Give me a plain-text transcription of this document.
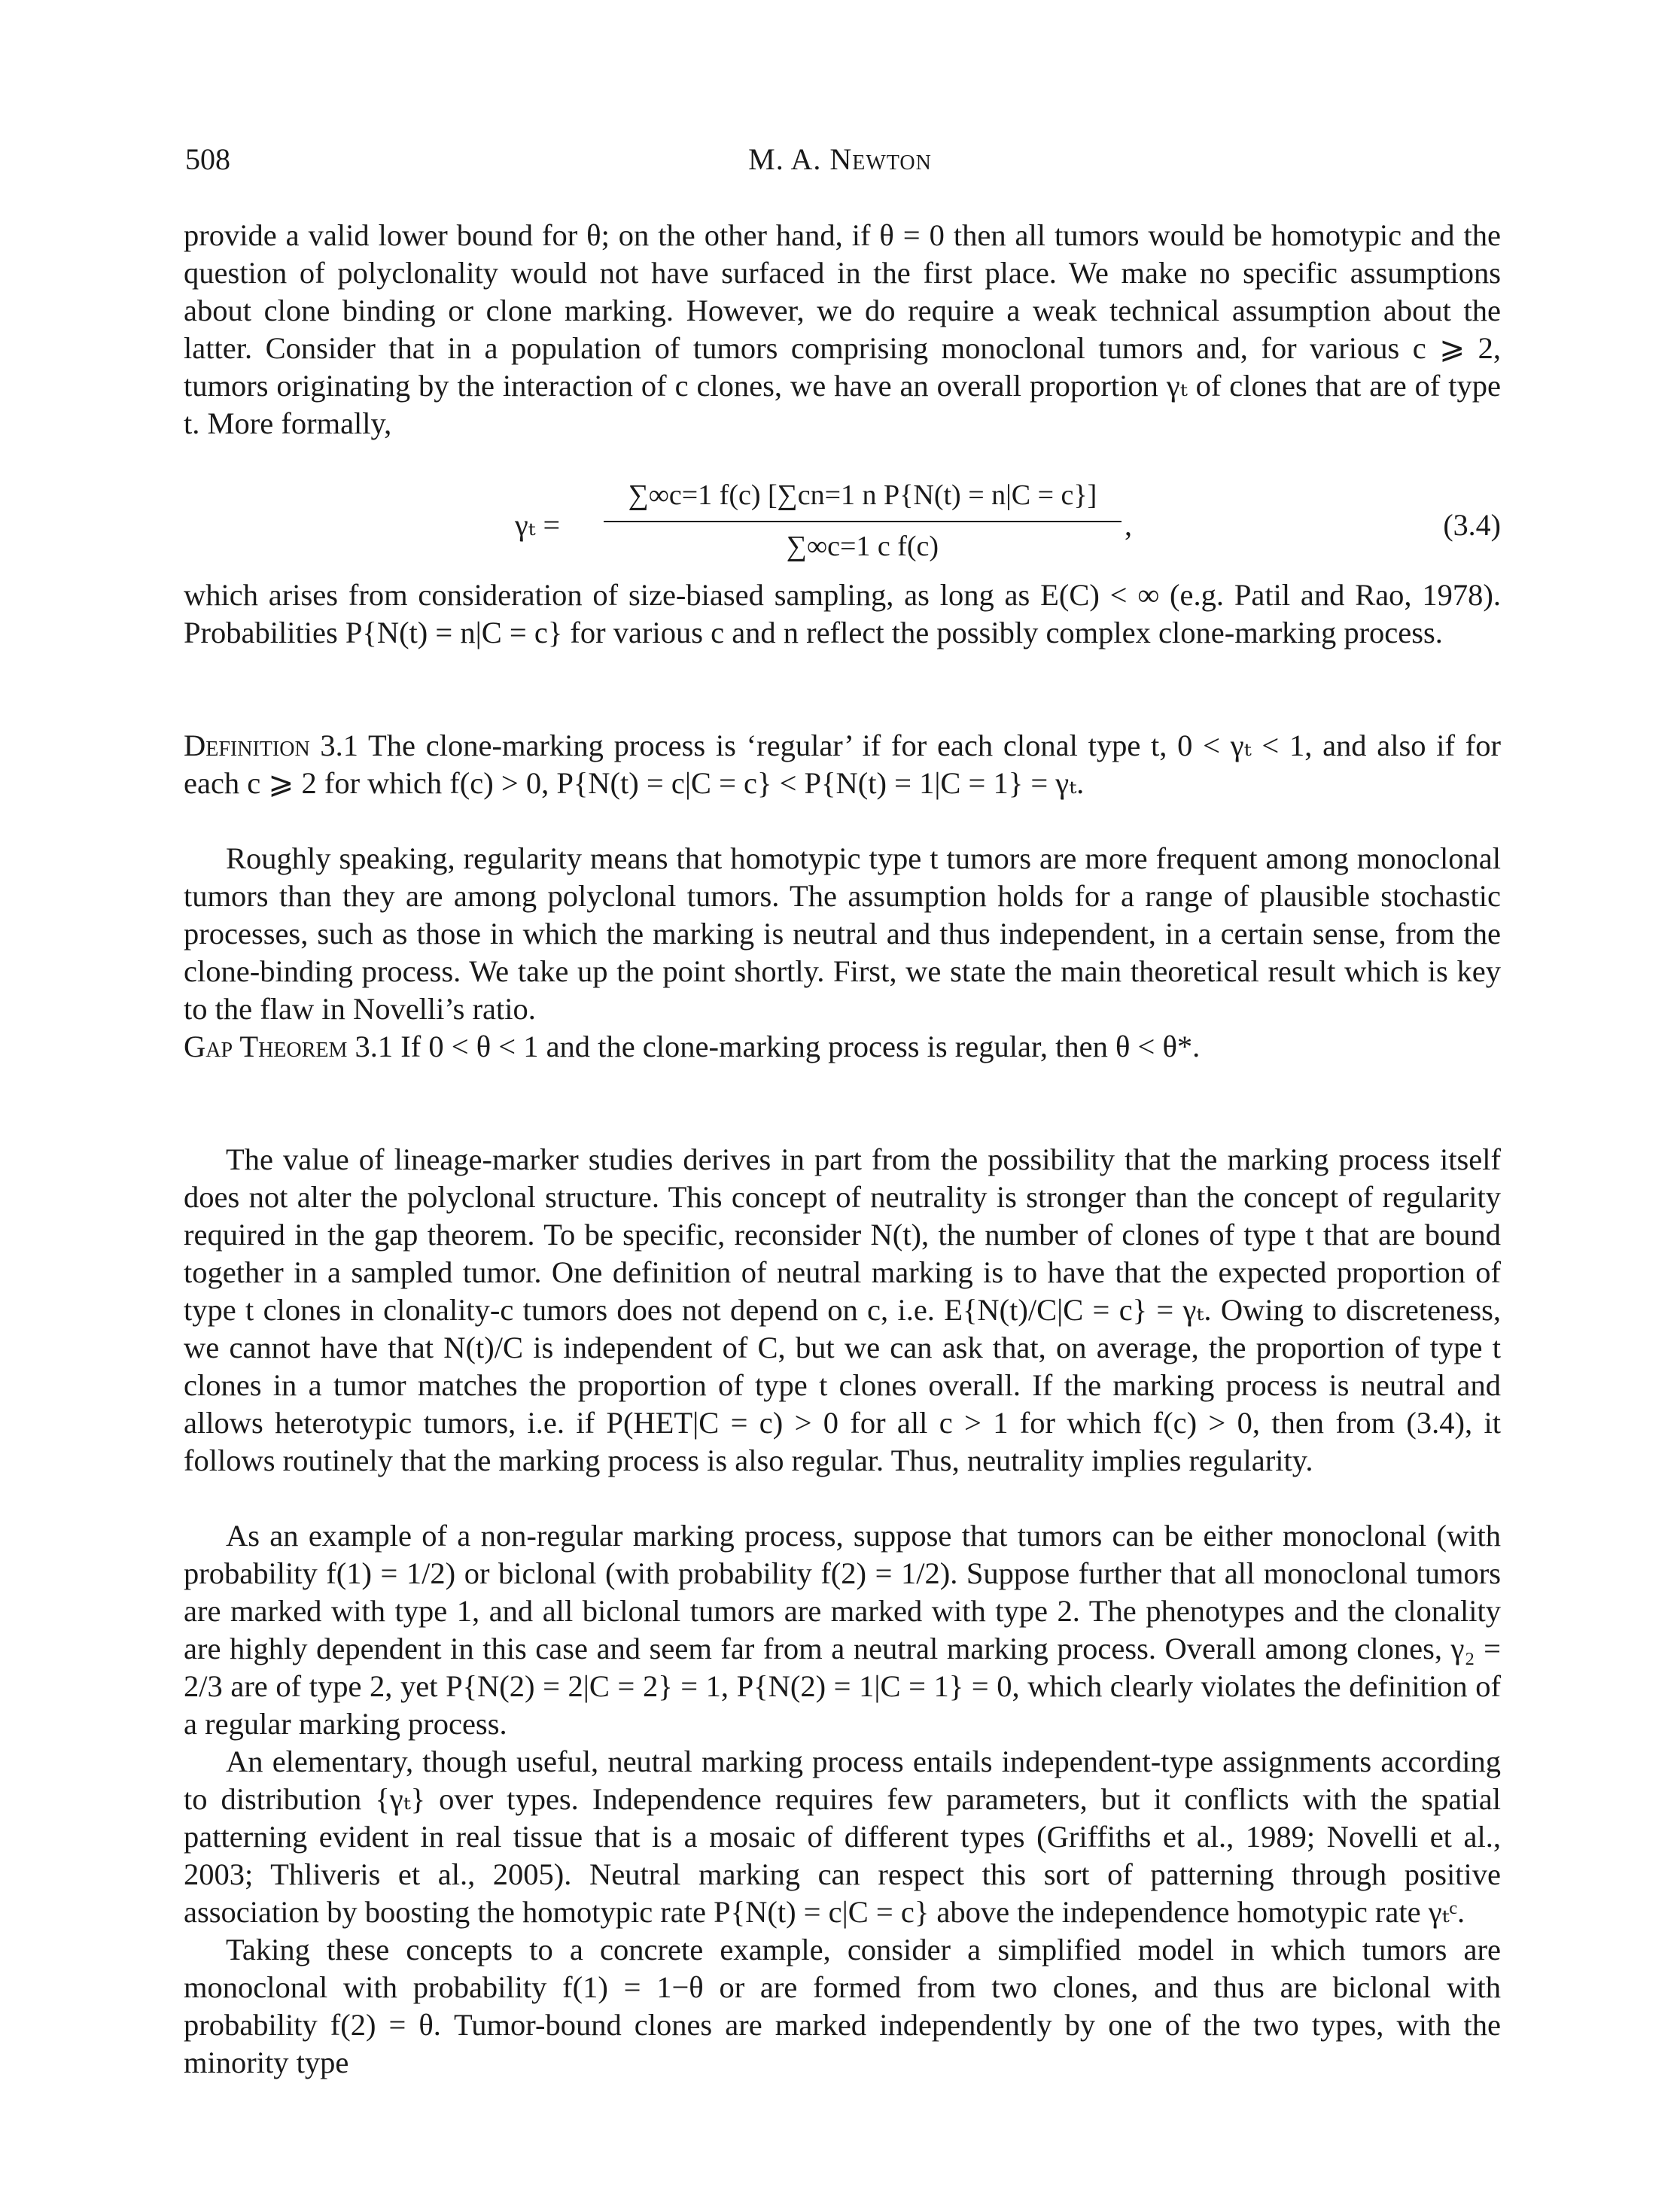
508	M. A. Newton

provide a valid lower bound for θ; on the other hand, if θ = 0 then all tumors would be homotypic and the question of polyclonality would not have surfaced in the first place. We make no specific assumptions about clone binding or clone marking. However, we do require a weak technical assumption about the latter. Consider that in a population of tumors comprising monoclonal tumors and, for various c ⩾ 2, tumors originating by the interaction of c clones, we have an overall proportion γₜ of clones that are of type t. More formally,

γₜ =
∑∞c=1 f(c) [∑cn=1 n P{N(t) = n|C = c}]
∑∞c=1 c f(c)
,	(3.4)

which arises from consideration of size-biased sampling, as long as E(C) < ∞ (e.g. Patil and Rao, 1978). Probabilities P{N(t) = n|C = c} for various c and n reflect the possibly complex clone-marking process.

Definition 3.1 The clone-marking process is ‘regular’ if for each clonal type t, 0 < γₜ < 1, and also if for each c ⩾ 2 for which f(c) > 0, P{N(t) = c|C = c} < P{N(t) = 1|C = 1} = γₜ.

Roughly speaking, regularity means that homotypic type t tumors are more frequent among monoclonal tumors than they are among polyclonal tumors. The assumption holds for a range of plausible stochastic processes, such as those in which the marking is neutral and thus independent, in a certain sense, from the clone-binding process. We take up the point shortly. First, we state the main theoretical result which is key to the flaw in Novelli’s ratio.

Gap Theorem 3.1 If 0 < θ < 1 and the clone-marking process is regular, then θ < θ*.

The value of lineage-marker studies derives in part from the possibility that the marking process itself does not alter the polyclonal structure. This concept of neutrality is stronger than the concept of regularity required in the gap theorem. To be specific, reconsider N(t), the number of clones of type t that are bound together in a sampled tumor. One definition of neutral marking is to have that the expected proportion of type t clones in clonality-c tumors does not depend on c, i.e. E{N(t)/C|C = c} = γₜ. Owing to discreteness, we cannot have that N(t)/C is independent of C, but we can ask that, on average, the proportion of type t clones in a tumor matches the proportion of type t clones overall. If the marking process is neutral and allows heterotypic tumors, i.e. if P(HET|C = c) > 0 for all c > 1 for which f(c) > 0, then from (3.4), it follows routinely that the marking process is also regular. Thus, neutrality implies regularity.

As an example of a non-regular marking process, suppose that tumors can be either monoclonal (with probability f(1) = 1/2) or biclonal (with probability f(2) = 1/2). Suppose further that all monoclonal tumors are marked with type 1, and all biclonal tumors are marked with type 2. The phenotypes and the clonality are highly dependent in this case and seem far from a neutral marking process. Overall among clones, γ₂ = 2/3 are of type 2, yet P{N(2) = 2|C = 2} = 1, P{N(2) = 1|C = 1} = 0, which clearly violates the definition of a regular marking process.

An elementary, though useful, neutral marking process entails independent-type assignments according to distribution {γₜ} over types. Independence requires few parameters, but it conflicts with the spatial patterning evident in real tissue that is a mosaic of different types (Griffiths et al., 1989; Novelli et al., 2003; Thliveris et al., 2005). Neutral marking can respect this sort of patterning through positive association by boosting the homotypic rate P{N(t) = c|C = c} above the independence homotypic rate γₜᶜ.

Taking these concepts to a concrete example, consider a simplified model in which tumors are monoclonal with probability f(1) = 1−θ or are formed from two clones, and thus are biclonal with probability f(2) = θ. Tumor-bound clones are marked independently by one of the two types, with the minority type
